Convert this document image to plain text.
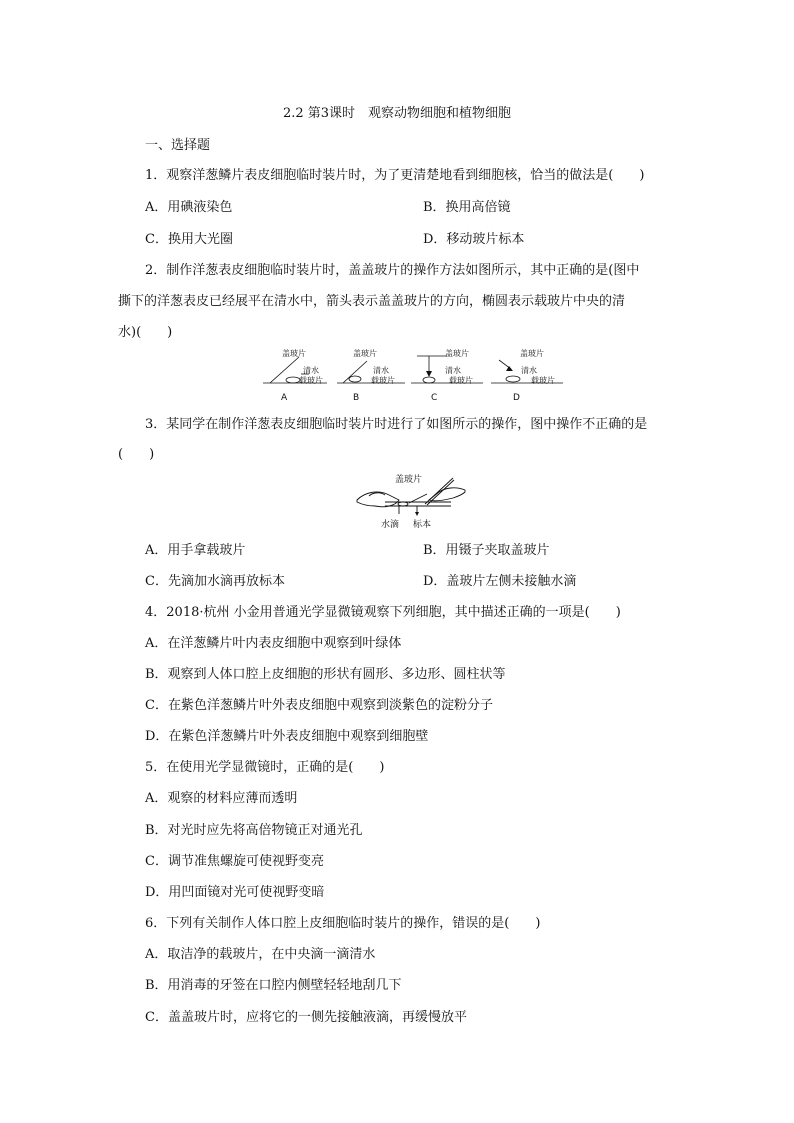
2.2 第3课时　观察动物细胞和植物细胞
一、选择题
1．观察洋葱鳞片表皮细胞临时装片时，为了更清楚地看到细胞核，恰当的做法是(　　)
A．用碘液染色	B．换用高倍镜
C．换用大光圈	D．移动玻片标本
2．制作洋葱表皮细胞临时装片时，盖盖玻片的操作方法如图所示，其中正确的是(图中
撕下的洋葱表皮已经展平在清水中，箭头表示盖盖玻片的方向，椭圆表示载玻片中央的清
水)(　　)
盖玻片
清水
载玻片
A
盖玻片
清水
载玻片
B
盖玻片
清水
载玻片
C
盖玻片
清水
载玻片
D
3．某同学在制作洋葱表皮细胞临时装片时进行了如图所示的操作，图中操作不正确的是
(　　)
盖玻片
水滴 标本
A．用手拿载玻片	B．用镊子夹取盖玻片
C．先滴加水滴再放标本	D．盖玻片左侧未接触水滴
4．2018·杭州 小金用普通光学显微镜观察下列细胞，其中描述正确的一项是(　　)
A．在洋葱鳞片叶内表皮细胞中观察到叶绿体
B．观察到人体口腔上皮细胞的形状有圆形、多边形、圆柱状等
C．在紫色洋葱鳞片叶外表皮细胞中观察到淡紫色的淀粉分子
D．在紫色洋葱鳞片叶外表皮细胞中观察到细胞壁
5．在使用光学显微镜时，正确的是(　　)
A．观察的材料应薄而透明
B．对光时应先将高倍物镜正对通光孔
C．调节准焦螺旋可使视野变亮
D．用凹面镜对光可使视野变暗
6．下列有关制作人体口腔上皮细胞临时装片的操作，错误的是(　　)
A．取洁净的载玻片，在中央滴一滴清水
B．用消毒的牙签在口腔内侧壁轻轻地刮几下
C．盖盖玻片时，应将它的一侧先接触液滴，再缓慢放平
